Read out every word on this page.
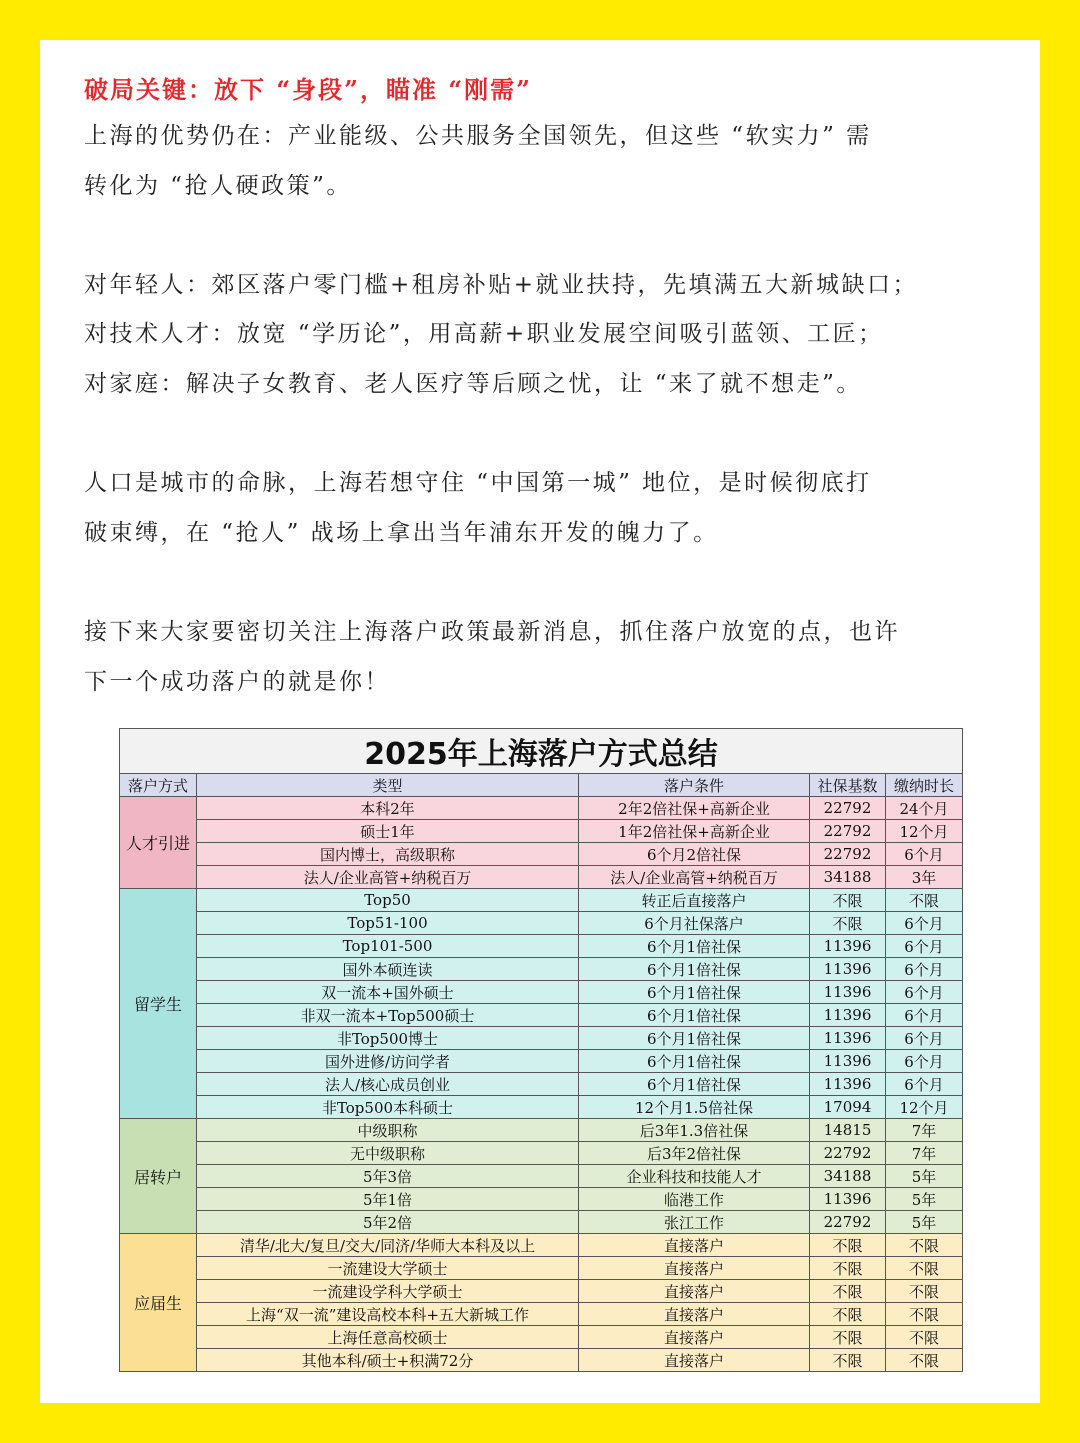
破局关键：放下 “身段”，瞄准 “刚需”

上海的优势仍在：产业能级、公共服务全国领先，但这些 “软实力” 需

转化为 “抢人硬政策”。

对年轻人：郊区落户零门槛+租房补贴+就业扶持，先填满五大新城缺口；

对技术人才：放宽 “学历论”，用高薪+职业发展空间吸引蓝领、工匠；

对家庭：解决子女教育、老人医疗等后顾之忧，让 “来了就不想走”。

人口是城市的命脉，上海若想守住 “中国第一城” 地位，是时候彻底打

破束缚，在 “抢人” 战场上拿出当年浦东开发的魄力了。

接下来大家要密切关注上海落户政策最新消息，抓住落户放宽的点，也许

下一个成功落户的就是你！

2025年上海落户方式总结				
落户方式	类型	落户条件	社保基数	缴纳时长
人才引进	本科2年	2年2倍社保+高新企业	22792	24个月
	硕士1年	1年2倍社保+高新企业	22792	12个月
	国内博士，高级职称	6个月2倍社保	22792	6个月
	法人/企业高管+纳税百万	法人/企业高管+纳税百万	34188	3年
留学生	Top50	转正后直接落户	不限	不限
	Top51-100	6个月社保落户	不限	6个月
	Top101-500	6个月1倍社保	11396	6个月
	国外本硕连读	6个月1倍社保	11396	6个月
	双一流本+国外硕士	6个月1倍社保	11396	6个月
	非双一流本+Top500硕士	6个月1倍社保	11396	6个月
	非Top500博士	6个月1倍社保	11396	6个月
	国外进修/访问学者	6个月1倍社保	11396	6个月
	法人/核心成员创业	6个月1倍社保	11396	6个月
	非Top500本科硕士	12个月1.5倍社保	17094	12个月
居转户	中级职称	后3年1.3倍社保	14815	7年
	无中级职称	后3年2倍社保	22792	7年
	5年3倍	企业科技和技能人才	34188	5年
	5年1倍	临港工作	11396	5年
	5年2倍	张江工作	22792	5年
应届生	清华/北大/复旦/交大/同济/华师大本科及以上	直接落户	不限	不限
	一流建设大学硕士	直接落户	不限	不限
	一流建设学科大学硕士	直接落户	不限	不限
	上海“双一流”建设高校本科+五大新城工作	直接落户	不限	不限
	上海任意高校硕士	直接落户	不限	不限
	其他本科/硕士+积满72分	直接落户	不限	不限
